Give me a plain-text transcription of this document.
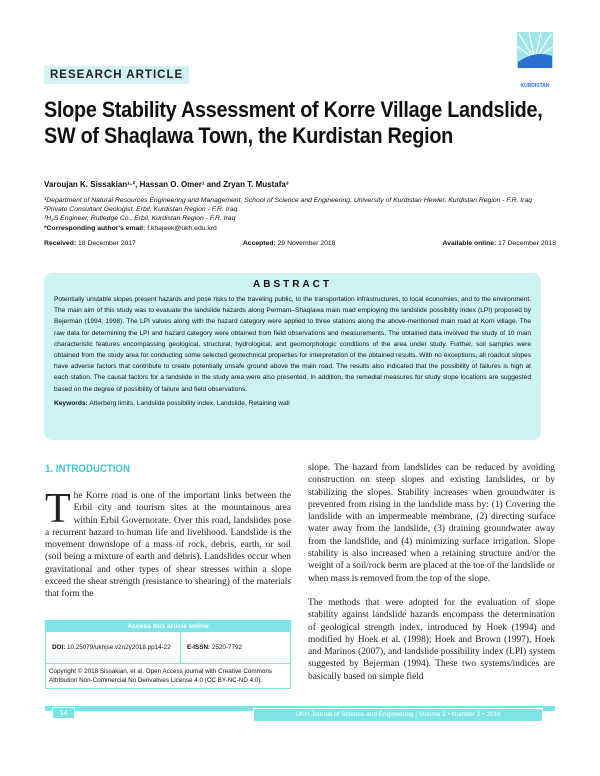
KURDISTAN
RESEARCH ARTICLE
Slope Stability Assessment of Korre Village Landslide, SW of Shaqlawa Town, the Kurdistan Region
Varoujan K. Sissakian¹·², Hassan O. Omer¹ and Zryan T. Mustafa³
¹Department of Natural Resources Engineering and Management, School of Science and Engineering, University of Kurdistan Hewler, Kurdistan Region - F.R. Iraq
²Private Consultant Geologist, Erbil, Kurdistan Region - F.R. Iraq
³H₂S Engineer, Rutledge Co., Erbil, Kurdistan Region - F.R. Iraq
*Corresponding author's email: f.khajeek@ukh.edu.krd
Received: 18 December 2017	Accepted: 29 November 2018	Available online: 17 December 2018
ABSTRACT

Potentially unstable slopes present hazards and pose risks to the traveling public, to the transportation infrastructures, to local economies, and to the environment. The main aim of this study was to evaluate the landslide hazards along Permam–Shaqlawa main road employing the landslide possibility index (LPI) proposed by Bejerman (1994; 1998). The LPI values along with the hazard category were applied to three stations along the above-mentioned main road at Korri village. The raw data for determining the LPI and hazard category were obtained from field observations and measurements. The obtained data involved the study of 10 main characteristic features encompassing geological, structural, hydrological, and geomorphologic conditions of the area under study. Further, soil samples were obtained from the study area for conducting some selected geotechnical properties for interpretation of the obtained results. With no exceptions, all roadcut slopes have adverse factors that contribute to create potentially unsafe ground above the main road. The results also indicated that the possibility of failures is high at each station. The causal factors for a landslide in the study area were also presented. In addition, the remedial measures for study slope locations are suggested based on the degree of possibility of failure and field observations.

Keywords: Atterberg limits, Landslide possibility index, Landslide, Retaining wall

1. INTRODUCTION
The Korre road is one of the important links between the Erbil city and tourism sites at the mountainous area within Erbil Governorate. Over this road, landslides pose a recurrent hazard to human life and livelihood. Landslide is the movement downslope of a mass of rock, debris, earth, or soil (soil being a mixture of earth and debris). Landslides occur when gravitational and other types of shear stresses within a slope exceed the shear strength (resistance to shearing) of the materials that form the

slope. The hazard from landslides can be reduced by avoiding construction on steep slopes and existing landslides, or by stabilizing the slopes. Stability increases when groundwater is prevented from rising in the landslide mass by: (1) Covering the landslide with an impermeable membrane, (2) directing surface water away from the landslide, (3) draining groundwater away from the landslide, and (4) minimizing surface irrigation. Slope stability is also increased when a retaining structure and/or the weight of a soil/rock berm are placed at the toe of the landslide or when mass is removed from the top of the slope.

The methods that were adopted for the evaluation of slope stability against landslide hazards encompass the determination of geological strength index, introduced by Hoek (1994) and modified by Hoek et al. (1998); Hoek and Brown (1997), Hoek and Marinos (2007), and landslide possibility index (LPI) system suggested by Bejerman (1994). These two systems/indices are basically based on simple field

Access this article online
DOI: 10.25079/ukhjse.v2n2y2018.pp14-22	E-ISSN: 2520-7792
Copyright © 2018 Sissakian, et al. Open Access journal with Creative Commons Attribution Non-Commercial No Derivatives License 4.0 (CC BY-NC-ND 4.0).
14	UKH Journal of Science and Engineering | Volume 2 • Number 2 • 2018
